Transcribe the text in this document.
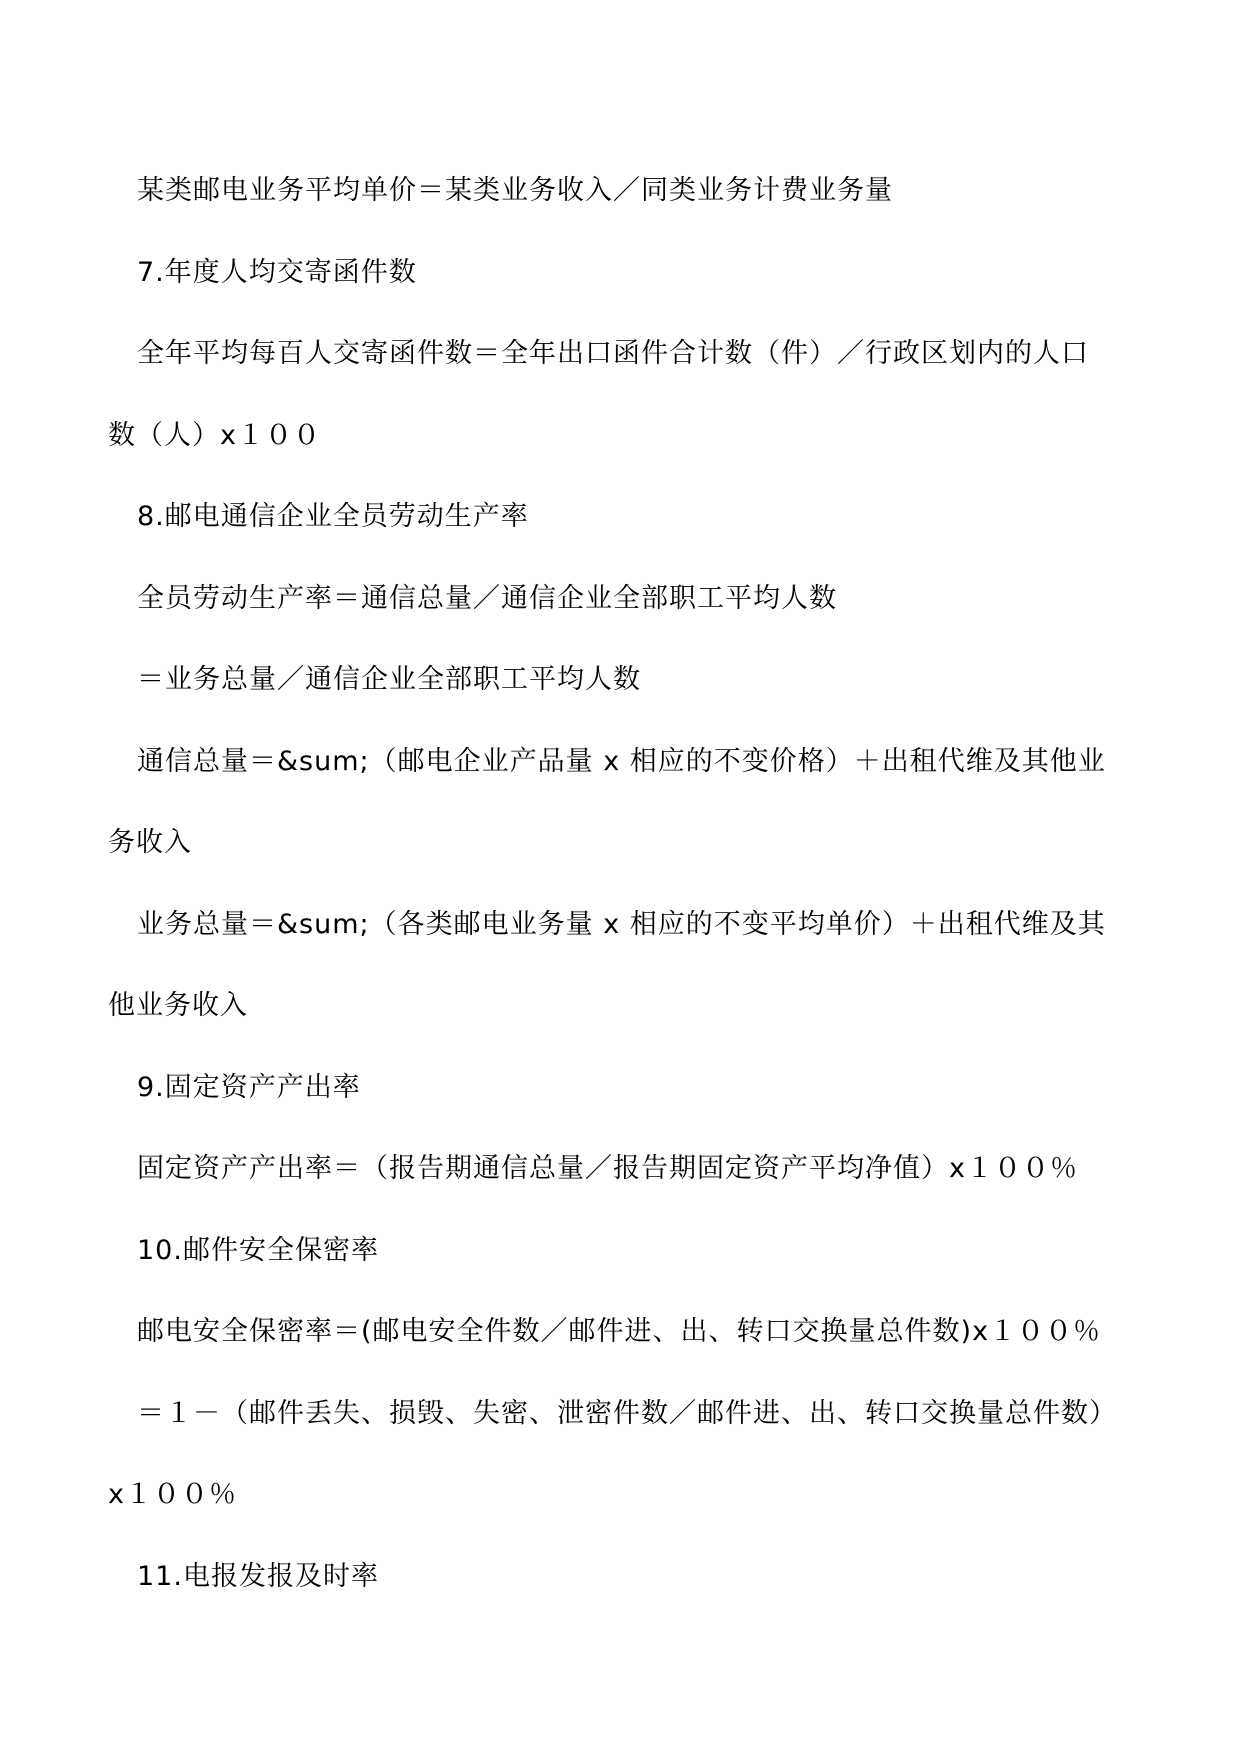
某类邮电业务平均单价＝某类业务收入／同类业务计费业务量
7.年度人均交寄函件数
全年平均每百人交寄函件数＝全年出口函件合计数（件）／行政区划内的人口
数（人）x１００
8.邮电通信企业全员劳动生产率
全员劳动生产率＝通信总量／通信企业全部职工平均人数
＝业务总量／通信企业全部职工平均人数
通信总量＝&sum;（邮电企业产品量 x 相应的不变价格）＋出租代维及其他业
务收入
业务总量＝&sum;（各类邮电业务量 x 相应的不变平均单价）＋出租代维及其
他业务收入
9.固定资产产出率
固定资产产出率＝（报告期通信总量／报告期固定资产平均净值）x１００％
10.邮件安全保密率
邮电安全保密率＝(邮电安全件数／邮件进、出、转口交换量总件数)x１００％
＝１－（邮件丢失、损毁、失密、泄密件数／邮件进、出、转口交换量总件数）
x１００％
11.电报发报及时率
